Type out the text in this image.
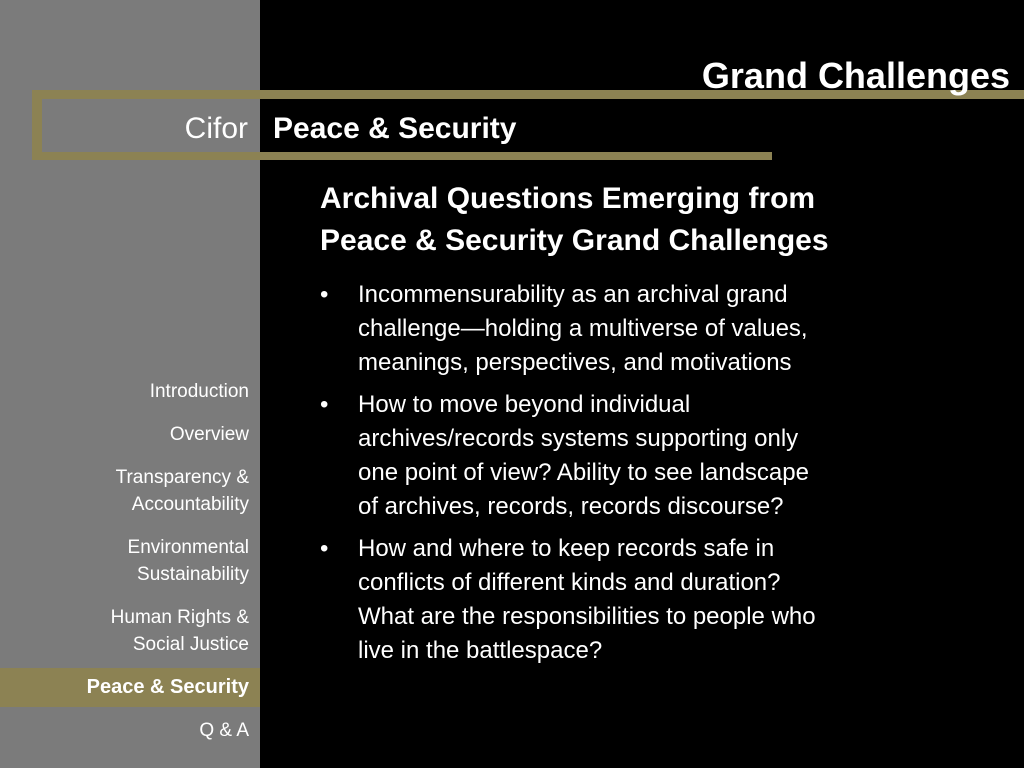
Grand Challenges
Cifor Peace & Security
Archival Questions Emerging from
Peace & Security Grand Challenges
• Incommensurability as an archival grand
challenge—holding a multiverse of values,
meanings, perspectives, and motivations
• How to move beyond individual
archives/records systems supporting only
one point of view? Ability to see landscape
of archives, records, records discourse?
• How and where to keep records safe in
conflicts of different kinds and duration?
What are the responsibilities to people who
live in the battlespace?
Introduction
Overview
Transparency &
Accountability
Environmental
Sustainability
Human Rights &
Social Justice
Peace & Security
Q & A
